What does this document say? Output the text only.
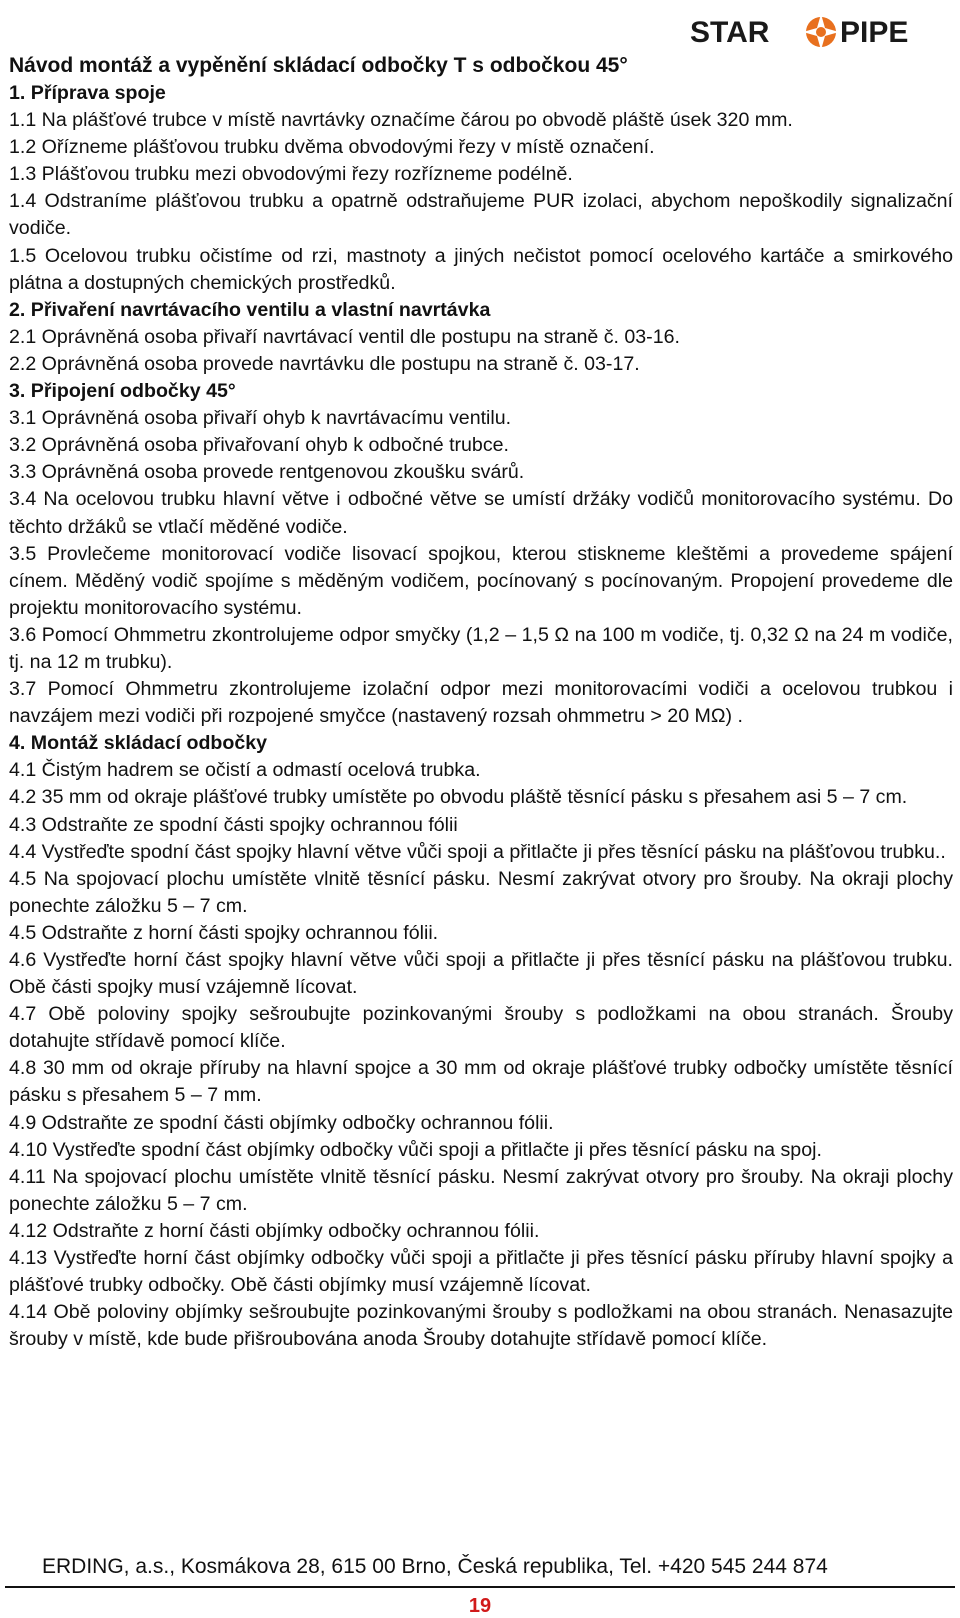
STAR PIPE
Návod montáž a vypěnění skládací odbočky T s odbočkou 45°

1. Příprava spoje

1.1 Na plášťové trubce v místě navrtávky označíme čárou po obvodě pláště úsek 320 mm.

1.2 Ořízneme plášťovou trubku dvěma obvodovými řezy v místě označení.

1.3 Plášťovou trubku mezi obvodovými řezy rozřízneme podélně.

1.4 Odstraníme plášťovou trubku a opatrně odstraňujeme PUR izolaci, abychom nepoškodily signalizační vodiče.

1.5 Ocelovou trubku očistíme od rzi, mastnoty a jiných nečistot pomocí ocelového kartáče a smirkového plátna a dostupných chemických prostředků.

2. Přivaření navrtávacího ventilu a vlastní navrtávka

2.1 Oprávněná osoba přivaří navrtávací ventil dle postupu na straně č. 03-16.

2.2 Oprávněná osoba provede navrtávku dle postupu na straně č. 03-17.

3. Připojení odbočky 45°

3.1 Oprávněná osoba přivaří ohyb k navrtávacímu ventilu.

3.2 Oprávněná osoba přivařovaní ohyb k odbočné trubce.

3.3 Oprávněná osoba provede rentgenovou zkoušku svárů.

3.4 Na ocelovou trubku hlavní větve i odbočné větve se umístí držáky vodičů monitorovacího systému. Do těchto držáků se vtlačí měděné vodiče.

3.5 Provlečeme monitorovací vodiče lisovací spojkou, kterou stiskneme kleštěmi a provedeme spájení cínem. Měděný vodič spojíme s měděným vodičem, pocínovaný s pocínovaným. Propojení provedeme dle projektu monitorovacího systému.

3.6 Pomocí Ohmmetru zkontrolujeme odpor smyčky (1,2 – 1,5 Ω na 100 m vodiče, tj. 0,32 Ω na 24 m vodiče, tj. na 12 m trubku).

3.7 Pomocí Ohmmetru zkontrolujeme izolační odpor mezi monitorovacími vodiči a ocelovou trubkou i navzájem mezi vodiči při rozpojené smyčce (nastavený rozsah ohmmetru > 20 MΩ) .

4. Montáž skládací odbočky

4.1 Čistým hadrem se očistí a odmastí ocelová trubka.

4.2 35 mm od okraje plášťové trubky umístěte po obvodu pláště těsnící pásku s přesahem asi 5 – 7 cm.

4.3 Odstraňte ze spodní části spojky ochrannou fólii

4.4 Vystřeďte spodní část spojky hlavní větve vůči spoji a přitlačte ji přes těsnící pásku na plášťovou trubku..

4.5 Na spojovací plochu umístěte vlnitě těsnící pásku. Nesmí zakrývat otvory pro šrouby. Na okraji plochy ponechte záložku 5 – 7 cm.

4.5 Odstraňte z horní části spojky ochrannou fólii.

4.6 Vystřeďte horní část spojky hlavní větve vůči spoji a přitlačte ji přes těsnící pásku na plášťovou trubku. Obě části spojky musí vzájemně lícovat.

4.7 Obě poloviny spojky sešroubujte pozinkovanými šrouby s podložkami na obou stranách. Šrouby dotahujte střídavě pomocí klíče.

4.8 30 mm od okraje příruby na hlavní spojce a 30 mm od okraje plášťové trubky odbočky umístěte těsnící pásku s přesahem 5 – 7 mm.

4.9 Odstraňte ze spodní části objímky odbočky ochrannou fólii.

4.10 Vystřeďte spodní část objímky odbočky vůči spoji a přitlačte ji přes těsnící pásku na spoj.

4.11 Na spojovací plochu umístěte vlnitě těsnící pásku. Nesmí zakrývat otvory pro šrouby. Na okraji plochy ponechte záložku 5 – 7 cm.

4.12 Odstraňte z horní části objímky odbočky ochrannou fólii.

4.13 Vystřeďte horní část objímky odbočky vůči spoji a přitlačte ji přes těsnící pásku příruby hlavní spojky a plášťové trubky odbočky. Obě části objímky musí vzájemně lícovat.

4.14 Obě poloviny objímky sešroubujte pozinkovanými šrouby s podložkami na obou stranách. Nenasazujte šrouby v místě, kde bude přišroubována anoda Šrouby dotahujte střídavě pomocí klíče.

ERDING, a.s., Kosmákova 28, 615 00 Brno, Česká republika, Tel. +420 545 244 874
19
